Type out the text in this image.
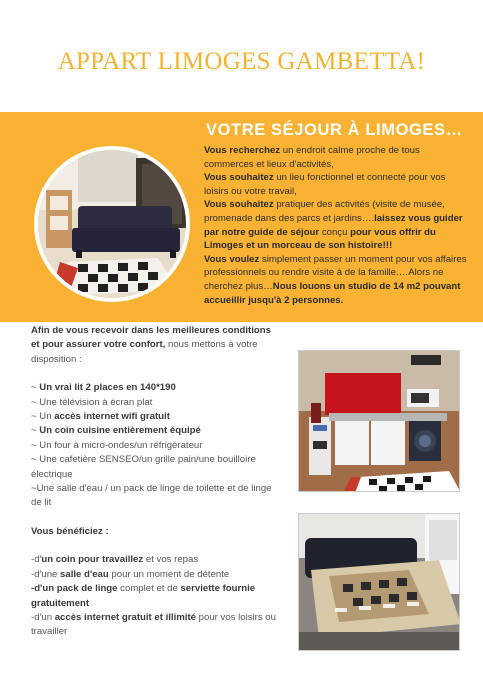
APPART LIMOGES GAMBETTA!
VOTRE SÉJOUR À LIMOGES…
Vous recherchez un endroit calme proche de tous commerces et lieux d'activités,
Vous souhaitez un lieu fonctionnel et connecté pour vos loisirs ou votre travail,
Vous souhaitez pratiquer des activités (visite de musée, promenade dans des parcs et jardins….laissez vous guider par notre guide de séjour conçu pour vous offrir du Limoges et un morceau de son histoire!!!
Vous voulez simplement passer un moment pour vos affaires professionnels ou rendre visite à de la famille.…Alors ne cherchez plus…Nous louons un studio de 14 m2 pouvant accueillir jusqu'à 2 personnes.
Afin de vous recevoir dans les meilleures conditions et pour assurer votre confort, nous mettons à votre disposition :
~ Un vrai lit 2 places en 140*190
~ Une télévision à écran plat
~ Un accès internet wifi gratuit
~ Un coin cuisine entièrement équipé
~ Un four à micro-ondes/un réfrigérateur
~ Une cafetière SENSEO/un grille pain/une bouilloire électrique
~Une salle d'eau / un pack de linge de toilette et de linge de lit
Vous bénéficiez :
-d'un coin pour travaillez et vos repas
-d'une salle d'eau pour un moment de détente
-d'un pack de linge complet et de serviette fournie gratuitement
-d'un accès internet gratuit et illimité pour vos loisirs ou travailler
